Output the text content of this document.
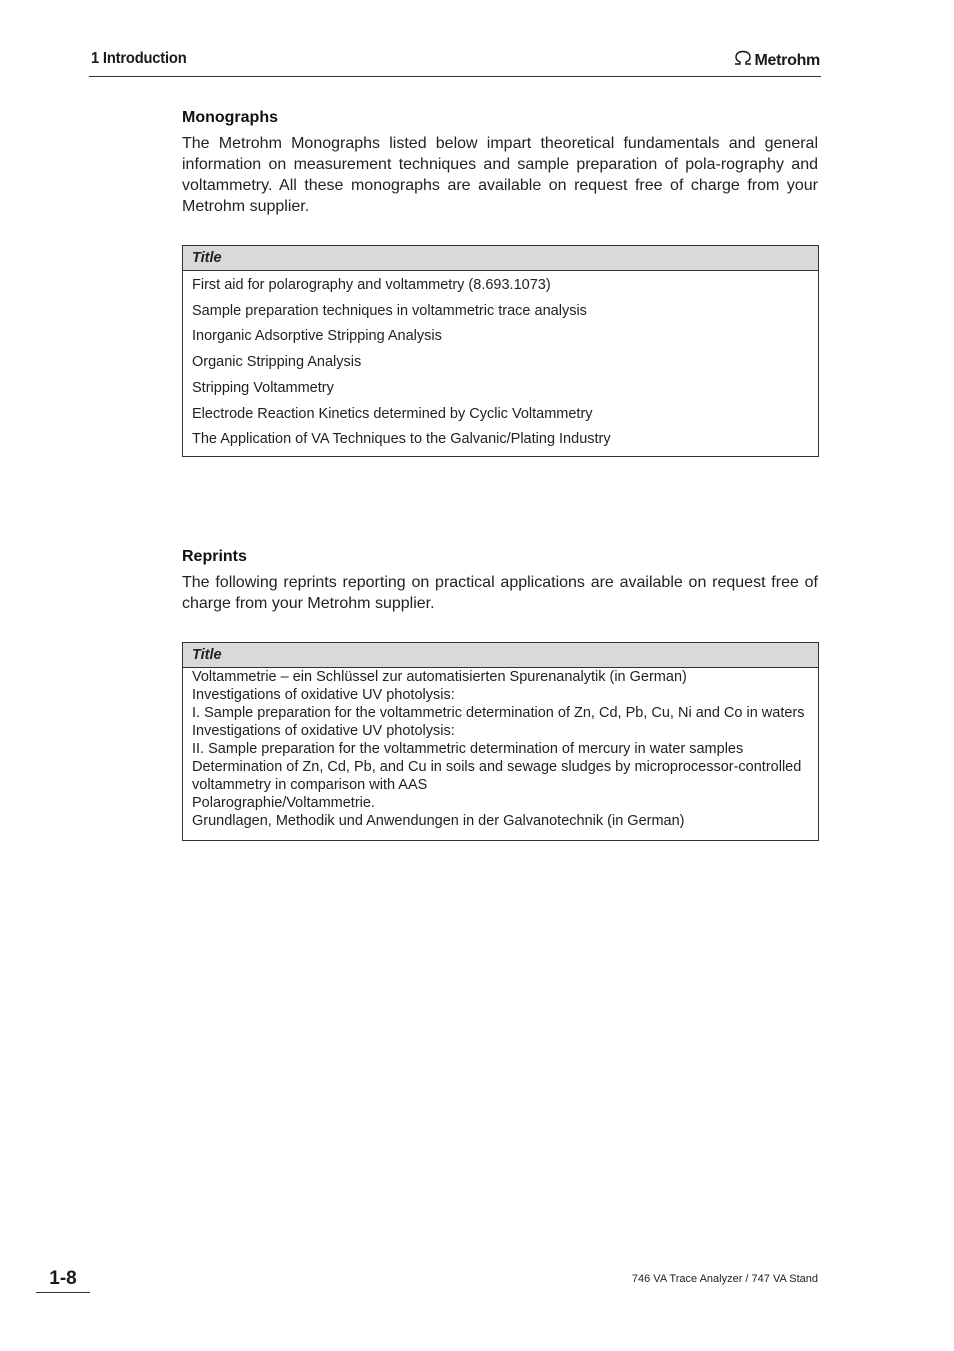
1 Introduction	Metrohm
Monographs
The Metrohm Monographs listed below impart theoretical fundamentals and general information on measurement techniques and sample preparation of pola-rography and voltammetry. All these monographs are available on request free of charge from your Metrohm supplier.
Title
First aid for polarography and voltammetry (8.693.1073)
Sample preparation techniques in voltammetric trace analysis
Inorganic Adsorptive Stripping Analysis
Organic Stripping Analysis
Stripping Voltammetry
Electrode Reaction Kinetics determined by Cyclic Voltammetry
The Application of VA Techniques to the Galvanic/Plating Industry
Reprints
The following reprints reporting on practical applications are available on request free of charge from your Metrohm supplier.
Title
Voltammetrie – ein Schlüssel zur automatisierten Spurenanalytik (in German)
Investigations of oxidative UV photolysis:
I. Sample preparation for the voltammetric determination of Zn, Cd, Pb, Cu, Ni and Co in waters
Investigations of oxidative UV photolysis:
II. Sample preparation for the voltammetric determination of mercury in water samples
Determination of Zn, Cd, Pb, and Cu in soils and sewage sludges by microprocessor-controlled voltammetry in comparison with AAS
Polarographie/Voltammetrie.
Grundlagen, Methodik und Anwendungen in der Galvanotechnik (in German)
1-8	746 VA Trace Analyzer / 747 VA Stand
